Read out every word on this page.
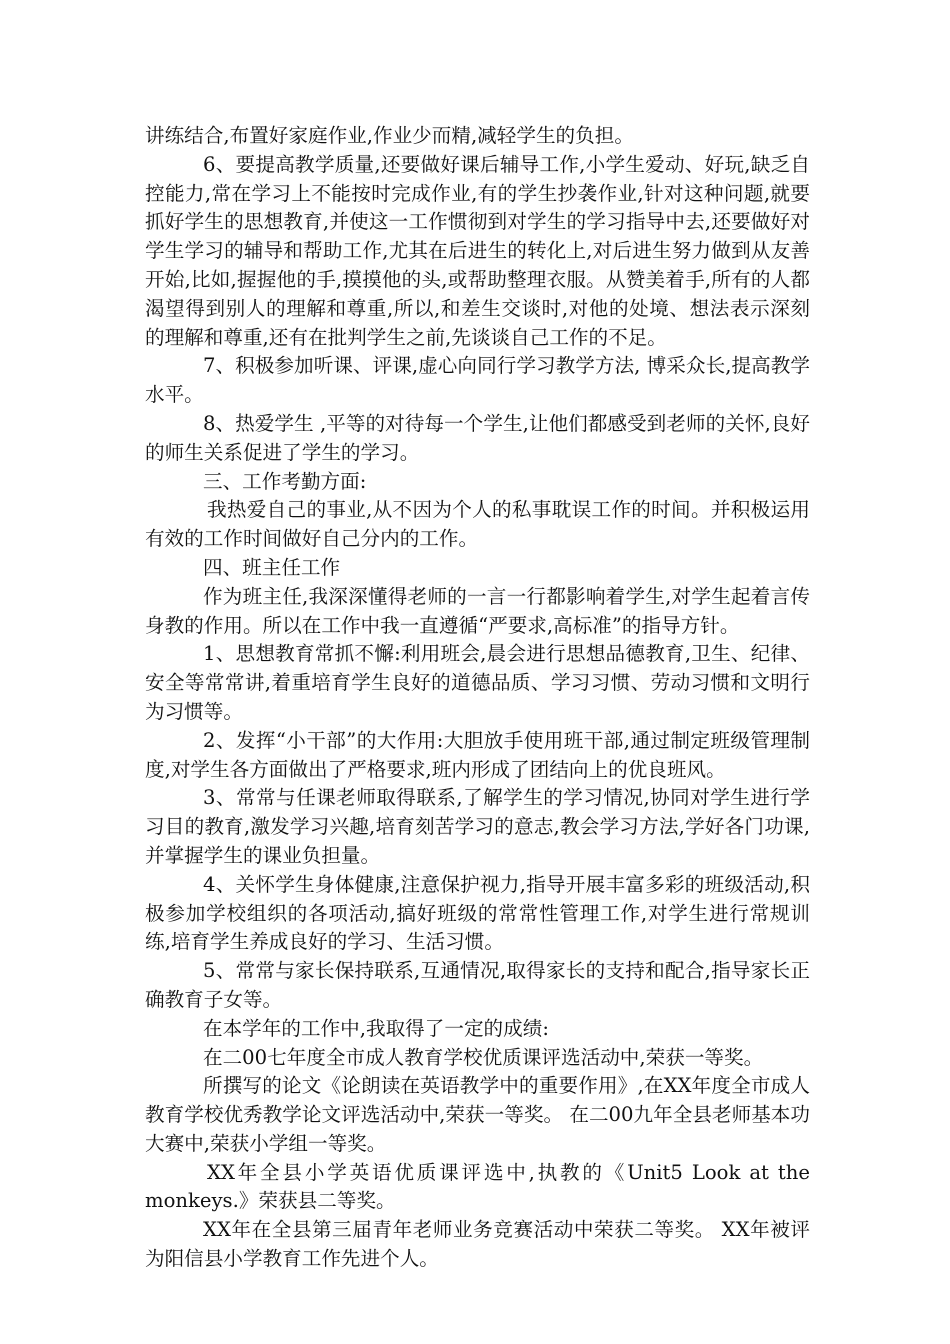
讲练结合,布置好家庭作业,作业少而精,减轻学生的负担。

6、要提高教学质量,还要做好课后辅导工作,小学生爱动、好玩,缺乏自控能力,常在学习上不能按时完成作业,有的学生抄袭作业,针对这种问题,就要抓好学生的思想教育,并使这一工作惯彻到对学生的学习指导中去,还要做好对学生学习的辅导和帮助工作,尤其在后进生的转化上,对后进生努力做到从友善开始,比如,握握他的手,摸摸他的头,或帮助整理衣服。从赞美着手,所有的人都渴望得到别人的理解和尊重,所以,和差生交谈时,对他的处境、想法表示深刻的理解和尊重,还有在批判学生之前,先谈谈自己工作的不足。

7、积极参加听课、评课,虚心向同行学习教学方法, 博采众长,提高教学水平。

8、热爱学生 ,平等的对待每一个学生,让他们都感受到老师的关怀,良好的师生关系促进了学生的学习。

三、工作考勤方面:

我热爱自己的事业,从不因为个人的私事耽误工作的时间。并积极运用有效的工作时间做好自己分内的工作。

四、班主任工作

作为班主任,我深深懂得老师的一言一行都影响着学生,对学生起着言传身教的作用。所以在工作中我一直遵循“严要求,高标准”的指导方针。

1、思想教育常抓不懈:利用班会,晨会进行思想品德教育,卫生、纪律、安全等常常讲,着重培育学生良好的道德品质、学习习惯、劳动习惯和文明行为习惯等。

2、发挥“小干部”的大作用:大胆放手使用班干部,通过制定班级管理制度,对学生各方面做出了严格要求,班内形成了团结向上的优良班风。

3、常常与任课老师取得联系,了解学生的学习情况,协同对学生进行学习目的教育,激发学习兴趣,培育刻苦学习的意志,教会学习方法,学好各门功课,并掌握学生的课业负担量。

4、关怀学生身体健康,注意保护视力,指导开展丰富多彩的班级活动,积极参加学校组织的各项活动,搞好班级的常常性管理工作,对学生进行常规训练,培育学生养成良好的学习、生活习惯。

5、常常与家长保持联系,互通情况,取得家长的支持和配合,指导家长正确教育子女等。

在本学年的工作中,我取得了一定的成绩:

在二00七年度全市成人教育学校优质课评选活动中,荣获一等奖。

所撰写的论文《论朗读在英语教学中的重要作用》,在XX年度全市成人教育学校优秀教学论文评选活动中,荣获一等奖。 在二00九年全县老师基本功大赛中,荣获小学组一等奖。

XX年全县小学英语优质课评选中,执教的《Unit5 Look at the monkeys.》荣获县二等奖。

XX年在全县第三届青年老师业务竞赛活动中荣获二等奖。 XX年被评为阳信县小学教育工作先进个人。
